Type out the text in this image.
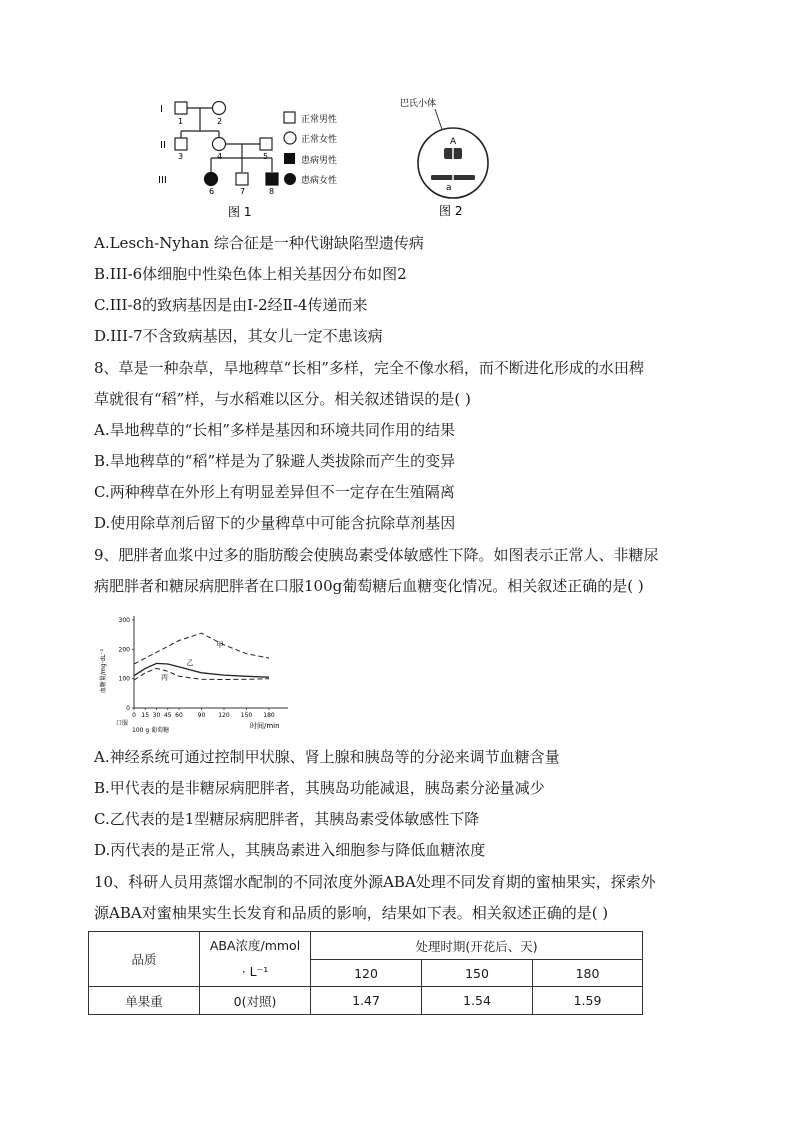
I
II
III
1	2
3	4	5
6	7	8
正常男性
正常女性
患病男性
患病女性
图 1
巴氏小体
A
a
图 2
A.Lesch-Nyhan 综合征是一种代谢缺陷型遗传病
B.III-6体细胞中性染色体上相关基因分布如图2
C.III-8的致病基因是由Ⅰ-2经Ⅱ-4传递而来
D.III-7不含致病基因，其女儿一定不患该病
8、草是一种杂草，旱地稗草“长相”多样，完全不像水稻，而不断进化形成的水田稗
草就很有“稻”样，与水稻难以区分。相关叙述错误的是( )
A.旱地稗草的“长相”多样是基因和环境共同作用的结果
B.旱地稗草的“稻”样是为了躲避人类拔除而产生的变异
C.两种稗草在外形上有明显差异但不一定存在生殖隔离
D.使用除草剂后留下的少量稗草中可能含抗除草剂基因
9、肥胖者血浆中过多的脂肪酸会使胰岛素受体敏感性下降。如图表示正常人、非糖尿
病肥胖者和糖尿病肥胖者在口服100g葡萄糖后血糖变化情况。相关叙述正确的是( )
血糖量/mg·dL⁻¹
0
100
200
300
0 15 30 45 60 90 120 150 180
甲
乙
丙
时间/min
口服
100 g 葡萄糖
A.神经系统可通过控制甲状腺、肾上腺和胰岛等的分泌来调节血糖含量
B.甲代表的是非糖尿病肥胖者，其胰岛功能减退，胰岛素分泌量减少
C.乙代表的是1型糖尿病肥胖者，其胰岛素受体敏感性下降
D.丙代表的是正常人，其胰岛素进入细胞参与降低血糖浓度
10、科研人员用蒸馏水配制的不同浓度外源ABA处理不同发育期的蜜柚果实，探索外
源ABA对蜜柚果实生长发育和品质的影响，结果如下表。相关叙述正确的是( )
品质	ABA浓度/mmol
· L⁻¹	处理时期(开花后、天)		
		120	150	180
单果重	0(对照)	1.47	1.54	1.59
